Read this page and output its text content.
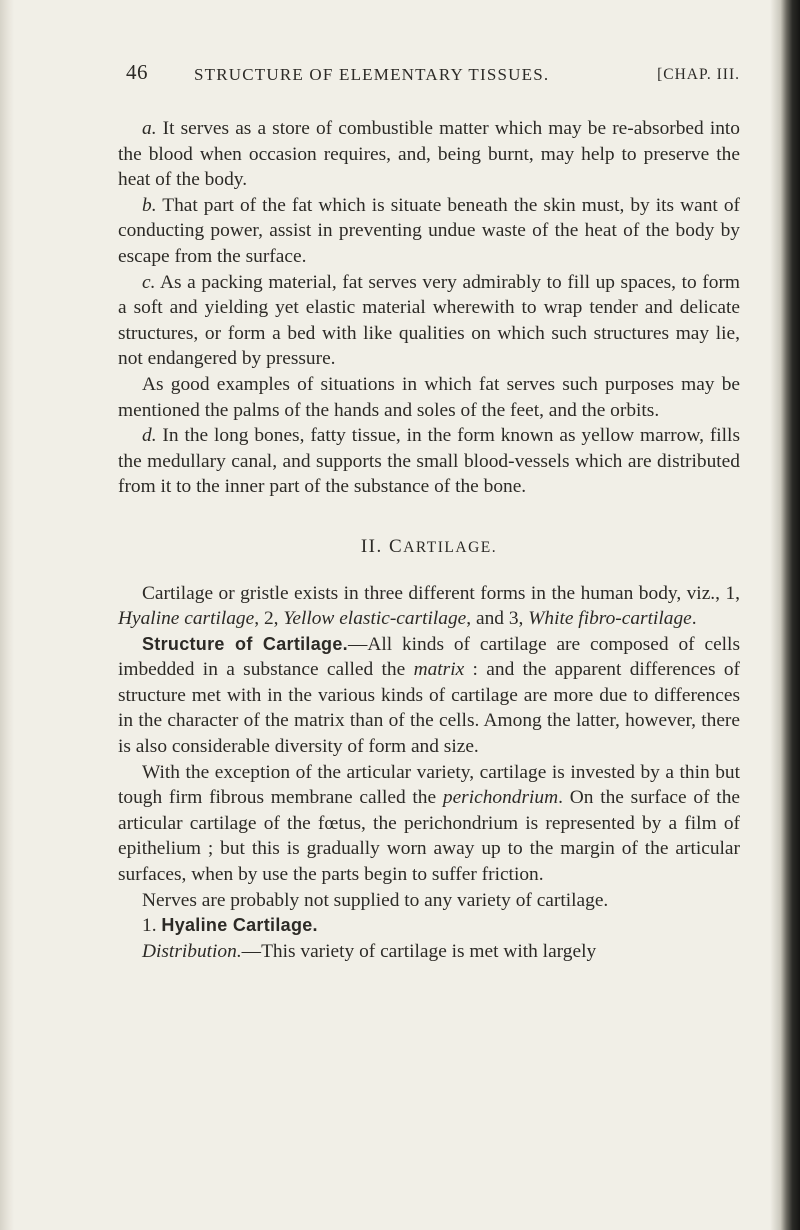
46	STRUCTURE OF ELEMENTARY TISSUES.	[CHAP. III.

a. It serves as a store of combustible matter which may be re-absorbed into the blood when occasion requires, and, being burnt, may help to preserve the heat of the body.

b. That part of the fat which is situate beneath the skin must, by its want of conducting power, assist in preventing undue waste of the heat of the body by escape from the surface.

c. As a packing material, fat serves very admirably to fill up spaces, to form a soft and yielding yet elastic material wherewith to wrap tender and delicate structures, or form a bed with like qualities on which such structures may lie, not endangered by pressure.

As good examples of situations in which fat serves such purposes may be mentioned the palms of the hands and soles of the feet, and the orbits.

d. In the long bones, fatty tissue, in the form known as yellow marrow, fills the medullary canal, and supports the small blood-vessels which are distributed from it to the inner part of the substance of the bone.

II. CARTILAGE.

Cartilage or gristle exists in three different forms in the human body, viz., 1, Hyaline cartilage, 2, Yellow elastic-cartilage, and 3, White fibro-cartilage.

Structure of Cartilage.—All kinds of cartilage are composed of cells imbedded in a substance called the matrix : and the apparent differences of structure met with in the various kinds of cartilage are more due to differences in the character of the matrix than of the cells. Among the latter, however, there is also considerable diversity of form and size.

With the exception of the articular variety, cartilage is invested by a thin but tough firm fibrous membrane called the perichondrium. On the surface of the articular cartilage of the fœtus, the perichondrium is represented by a film of epithelium ; but this is gradually worn away up to the margin of the articular surfaces, when by use the parts begin to suffer friction.

Nerves are probably not supplied to any variety of cartilage.

1. Hyaline Cartilage.

Distribution.—This variety of cartilage is met with largely
